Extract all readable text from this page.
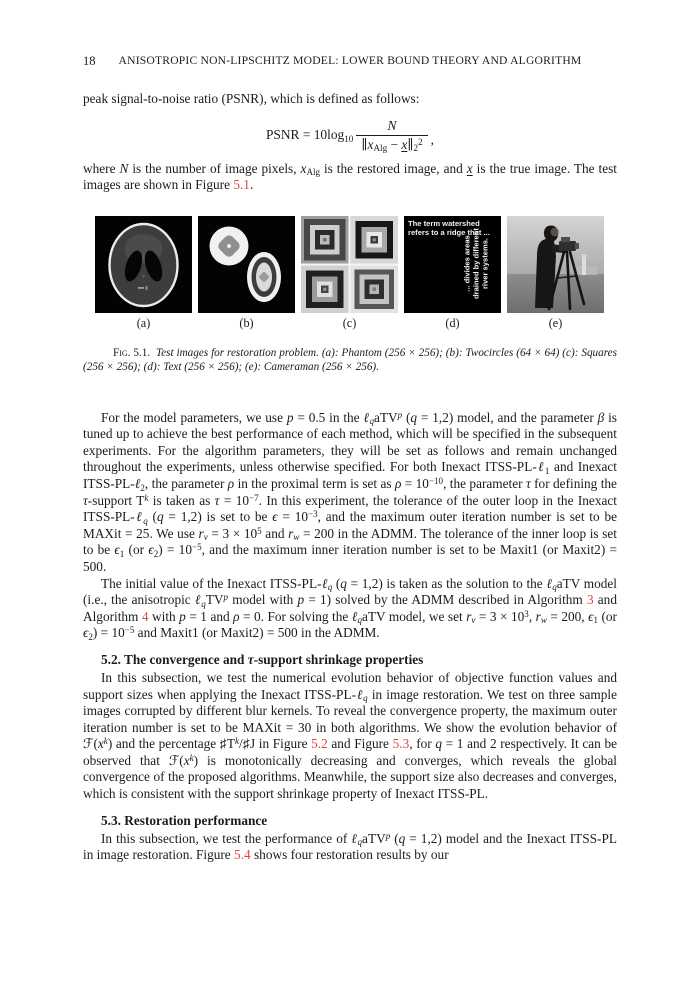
18	ANISOTROPIC NON-LIPSCHITZ MODEL: LOWER BOUND THEORY AND ALGORITHM
peak signal-to-noise ratio (PSNR), which is defined as follows:
PSNR = $10\log 10 \frac{N}{\parallel xAlg - x\parallel 2^2}$ ,
where N is the number of image pixels, xAlg is the restored image, and x is the true image. The test images are shown in Figure 5.1.
The term watershed
refers to a ridge that ...
... divides areas drained by different river systems.
(a)	(b)	(c)	(d)	(e)
Fig. 5.1.  Test images for restoration problem. (a): Phantom (256 × 256); (b): Twocircles (64 × 64) (c): Squares (256 × 256); (d): Text (256 × 256); (e): Cameraman (256 × 256).
For the model parameters, we use p = 0.5 in the ℓqaTV$^p$ (q = 1,2) model, and the parameter β is tuned up to achieve the best performance of each method, which will be specified in the subsequent experiments. For the algorithm parameters, they will be set as follows and remain unchanged throughout the experiments, unless otherwise specified. For both Inexact ITSS-PL-ℓ1 and Inexact ITSS-PL-ℓ2, the parameter ρ in the proximal term is set as $\rho = 10^{-10}$, the parameter τ for defining the τ-support $T^k$ is taken as $\tau = 10^{-7}$. In this experiment, the tolerance of the outer loop in the Inexact ITSS-PL-ℓq (q = 1,2) is set to be $\epsilon = 10^{-3}$, and the maximum outer iteration number is set to be MAXit = 25. We use rv = $3 \times 10^5$ and rw = 200 in the ADMM. The tolerance of the inner loop is set to be ϵ1 (or $\epsilon 2) = 10^{-5}$, and the maximum inner iteration number is set to be Maxit1 (or Maxit2) = 500.
The initial value of the Inexact ITSS-PL-ℓq (q = 1,2) is taken as the solution to the ℓqaTV model (i.e., the anisotropic ℓqTV$^p$ model with p = 1) solved by the ADMM described in Algorithm 3 and Algorithm 4 with p = 1 and ρ = 0. For solving the ℓqaTV model, we set rv = $3 \times 10^3$, rw = 200, ϵ1 (or $\epsilon 2) = 10^{-5}$ and Maxit1 (or Maxit2) = 500 in the ADMM.
5.2. The convergence and τ-support shrinkage properties
In this subsection, we test the numerical evolution behavior of objective function values and support sizes when applying the Inexact ITSS-PL-ℓq in image restoration. We test on three sample images corrupted by different blur kernels. To reveal the convergence property, the maximum outer iteration number is set to be MAXit = 30 in both algorithms. We show the evolution behavior of $ℱ(x^k)$ and the percentage $♯T^k/♯J$ in Figure 5.2 and Figure 5.3, for q = 1 and 2 respectively. It can be observed that $ℱ(x^k)$ is monotonically decreasing and converges, which reveals the global convergence of the proposed algorithms. Meanwhile, the support size also decreases and converges, which is consistent with the support shrinkage property of Inexact ITSS-PL.
5.3. Restoration performance
In this subsection, we test the performance of ℓqaTV$^p$ (q = 1,2) model and the Inexact ITSS-PL in image restoration. Figure 5.4 shows four restoration results by our
